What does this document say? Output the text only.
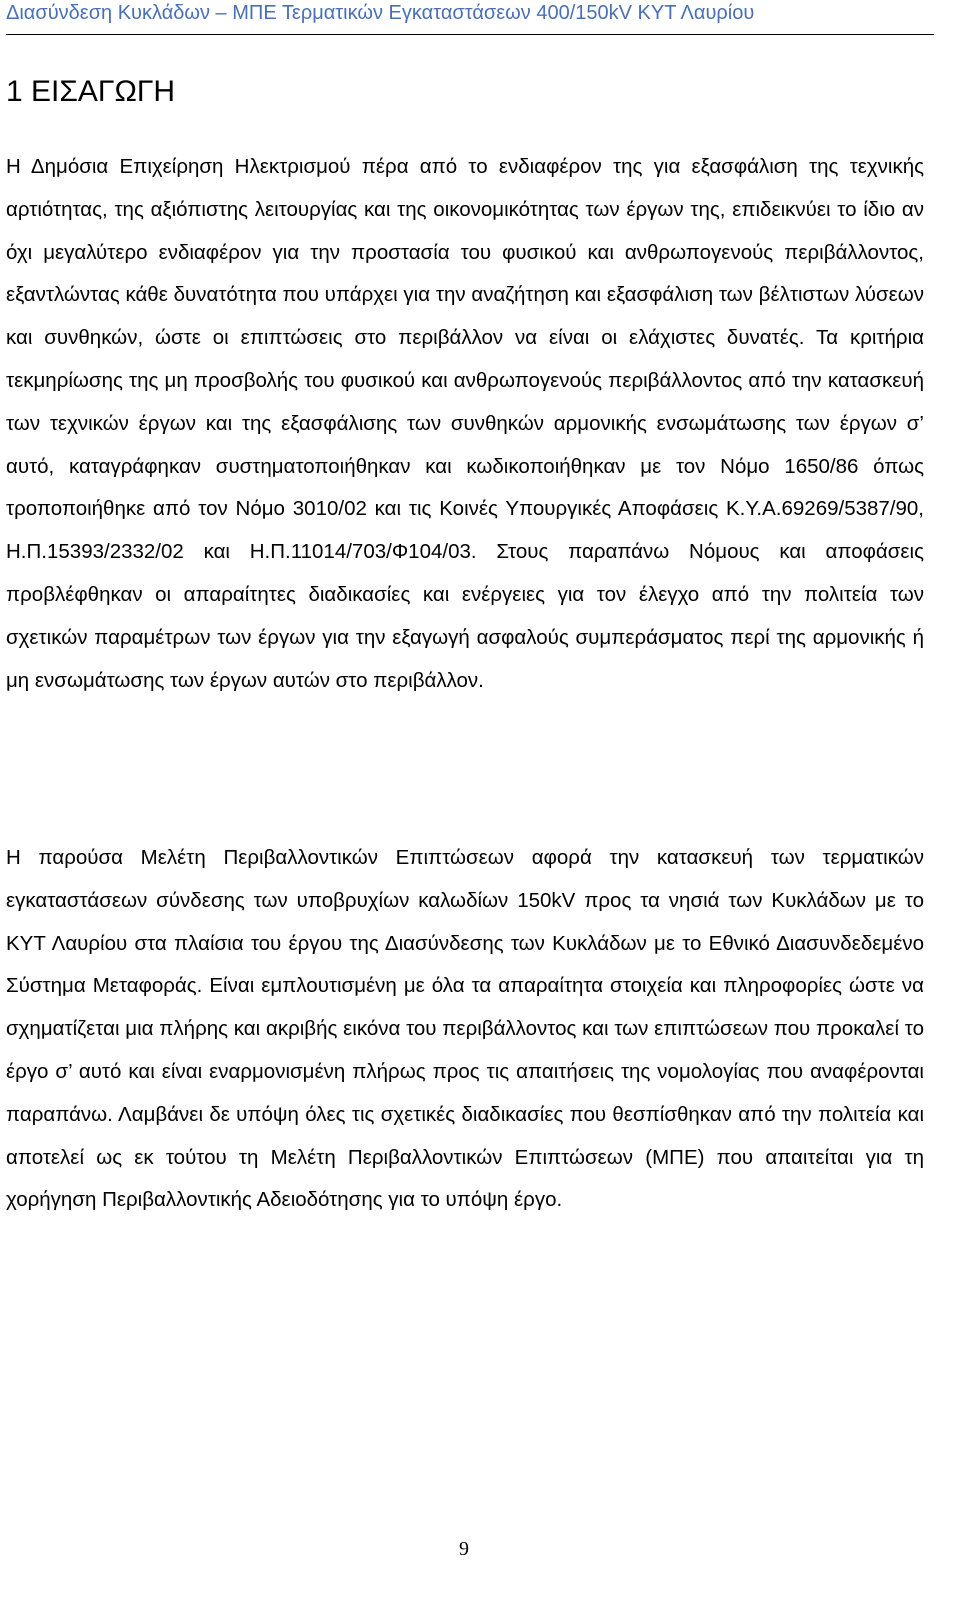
Διασύνδεση Κυκλάδων – ΜΠΕ Τερματικών Εγκαταστάσεων 400/150kV ΚΥΤ Λαυρίου
1 ΕΙΣΑΓΩΓΗ

Η Δημόσια Επιχείρηση Ηλεκτρισμού πέρα από το ενδιαφέρον της για εξασφάλιση της τεχνικής αρτιότητας, της αξιόπιστης λειτουργίας και της οικονομικότητας των έργων της, επιδεικνύει το ίδιο αν όχι μεγαλύτερο ενδιαφέρον για την προστασία του φυσικού και ανθρωπογενούς περιβάλλοντος, εξαντλώντας κάθε δυνατότητα που υπάρχει για την αναζήτηση και εξασφάλιση των βέλτιστων λύσεων και συνθηκών, ώστε οι επιπτώσεις στο περιβάλλον να είναι οι ελάχιστες δυνατές. Τα κριτήρια τεκμηρίωσης της μη προσβολής του φυσικού και ανθρωπογενούς περιβάλλοντος από την κατασκευή των τεχνικών έργων και της εξασφάλισης των συνθηκών αρμονικής ενσωμάτωσης των έργων σ’ αυτό, καταγράφηκαν συστηματοποιήθηκαν και κωδικοποιήθηκαν με τον Νόμο 1650/86 όπως τροποποιήθηκε από τον Νόμο 3010/02 και τις Κοινές Υπουργικές Αποφάσεις Κ.Υ.Α.69269/5387/90, Η.Π.15393/2332/02 και Η.Π.11014/703/Φ104/03. Στους παραπάνω Νόμους και αποφάσεις προβλέφθηκαν οι απαραίτητες διαδικασίες και ενέργειες για τον έλεγχο από την πολιτεία των σχετικών παραμέτρων των έργων για την εξαγωγή ασφαλούς συμπεράσματος περί της αρμονικής ή μη ενσωμάτωσης των έργων αυτών στο περιβάλλον.

Η παρούσα Μελέτη Περιβαλλοντικών Επιπτώσεων αφορά την κατασκευή των τερματικών εγκαταστάσεων σύνδεσης των υποβρυχίων καλωδίων 150kV προς τα νησιά των Κυκλάδων με το ΚΥΤ Λαυρίου στα πλαίσια του έργου της Διασύνδεσης των Κυκλάδων με το Εθνικό Διασυνδεδεμένο Σύστημα Μεταφοράς. Είναι εμπλουτισμένη με όλα τα απαραίτητα στοιχεία και πληροφορίες ώστε να σχηματίζεται μια πλήρης και ακριβής εικόνα του περιβάλλοντος και των επιπτώσεων που προκαλεί το έργο σ’ αυτό και είναι εναρμονισμένη πλήρως προς τις απαιτήσεις της νομολογίας που αναφέρονται παραπάνω. Λαμβάνει δε υπόψη όλες τις σχετικές διαδικασίες που θεσπίσθηκαν από την πολιτεία και αποτελεί ως εκ τούτου τη Μελέτη Περιβαλλοντικών Επιπτώσεων (ΜΠΕ) που απαιτείται για τη χορήγηση Περιβαλλοντικής Αδειοδότησης για το υπόψη έργο.

9
